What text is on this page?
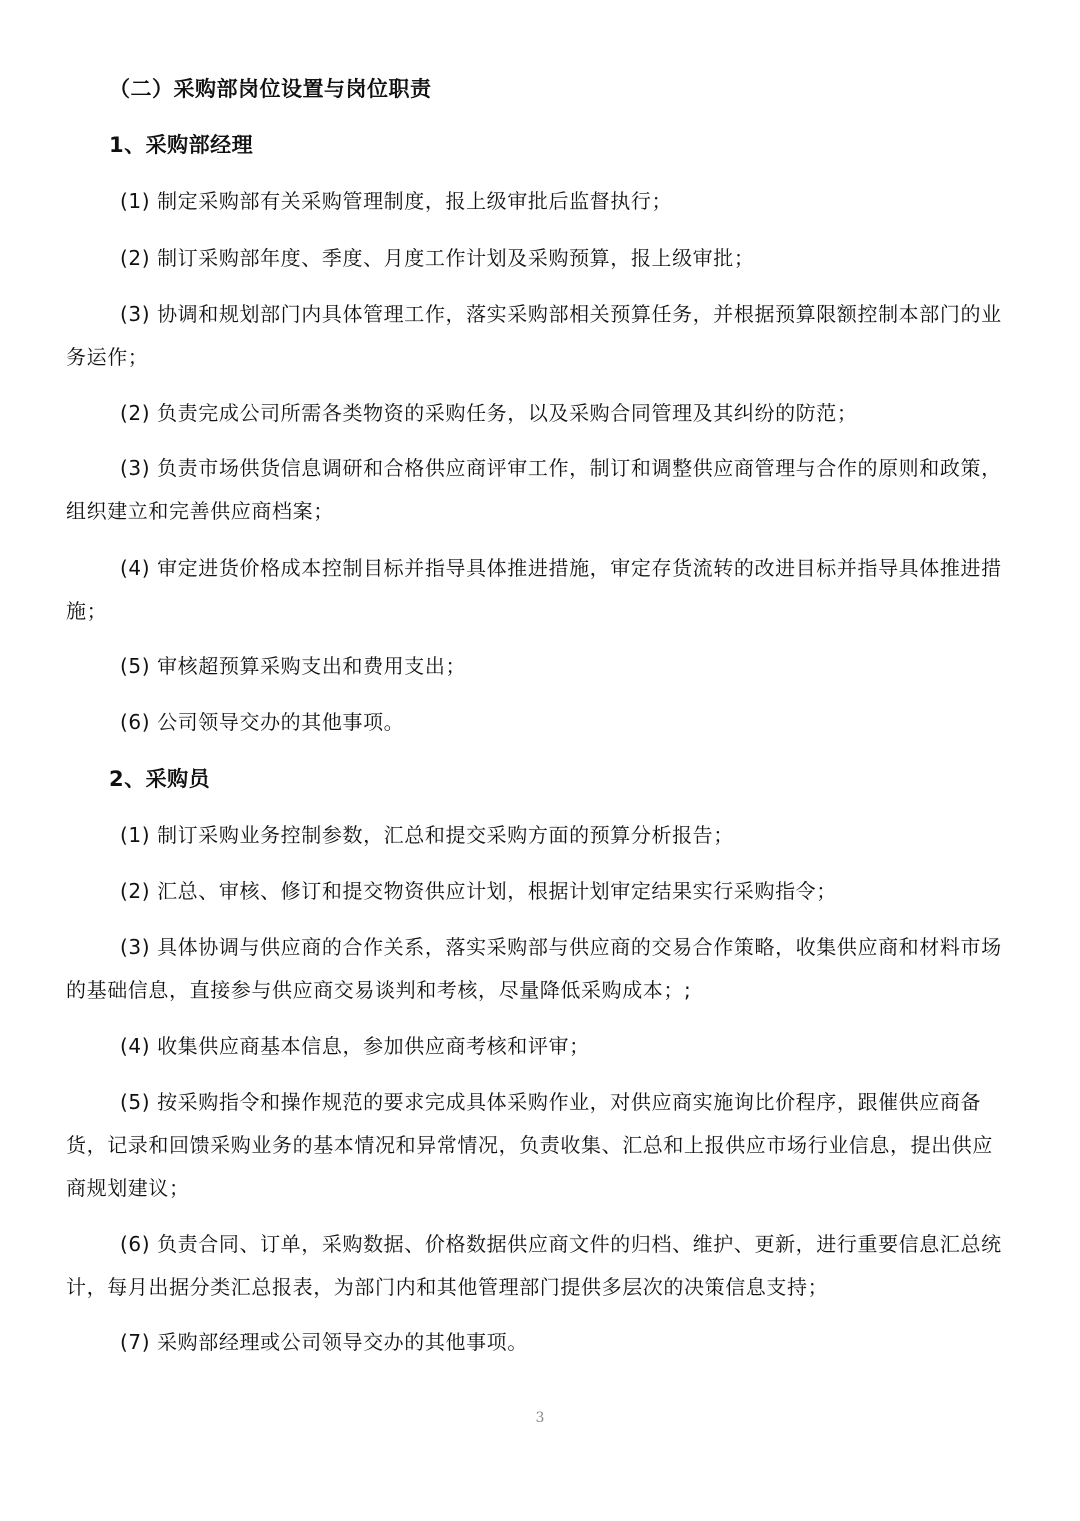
（二）采购部岗位设置与岗位职责
1、采购部经理

(1) 制定采购部有关采购管理制度，报上级审批后监督执行；

(2) 制订采购部年度、季度、月度工作计划及采购预算，报上级审批；

(3) 协调和规划部门内具体管理工作，落实采购部相关预算任务，并根据预算限额控制本部门的业务运作；

(2) 负责完成公司所需各类物资的采购任务，以及采购合同管理及其纠纷的防范；

(3) 负责市场供货信息调研和合格供应商评审工作，制订和调整供应商管理与合作的原则和政策，组织建立和完善供应商档案；

(4) 审定进货价格成本控制目标并指导具体推进措施，审定存货流转的改进目标并指导具体推进措施；

(5) 审核超预算采购支出和费用支出；

(6) 公司领导交办的其他事项。

2、采购员

(1) 制订采购业务控制参数，汇总和提交采购方面的预算分析报告；

(2) 汇总、审核、修订和提交物资供应计划，根据计划审定结果实行采购指令；

(3) 具体协调与供应商的合作关系，落实采购部与供应商的交易合作策略，收集供应商和材料市场的基础信息，直接参与供应商交易谈判和考核，尽量降低采购成本；;

(4) 收集供应商基本信息，参加供应商考核和评审；

(5) 按采购指令和操作规范的要求完成具体采购作业，对供应商实施询比价程序，跟催供应商备货，记录和回馈采购业务的基本情况和异常情况，负责收集、汇总和上报供应市场行业信息，提出供应商规划建议；

(6) 负责合同、订单，采购数据、价格数据供应商文件的归档、维护、更新，进行重要信息汇总统计，每月出据分类汇总报表，为部门内和其他管理部门提供多层次的决策信息支持；

(7) 采购部经理或公司领导交办的其他事项。

3
